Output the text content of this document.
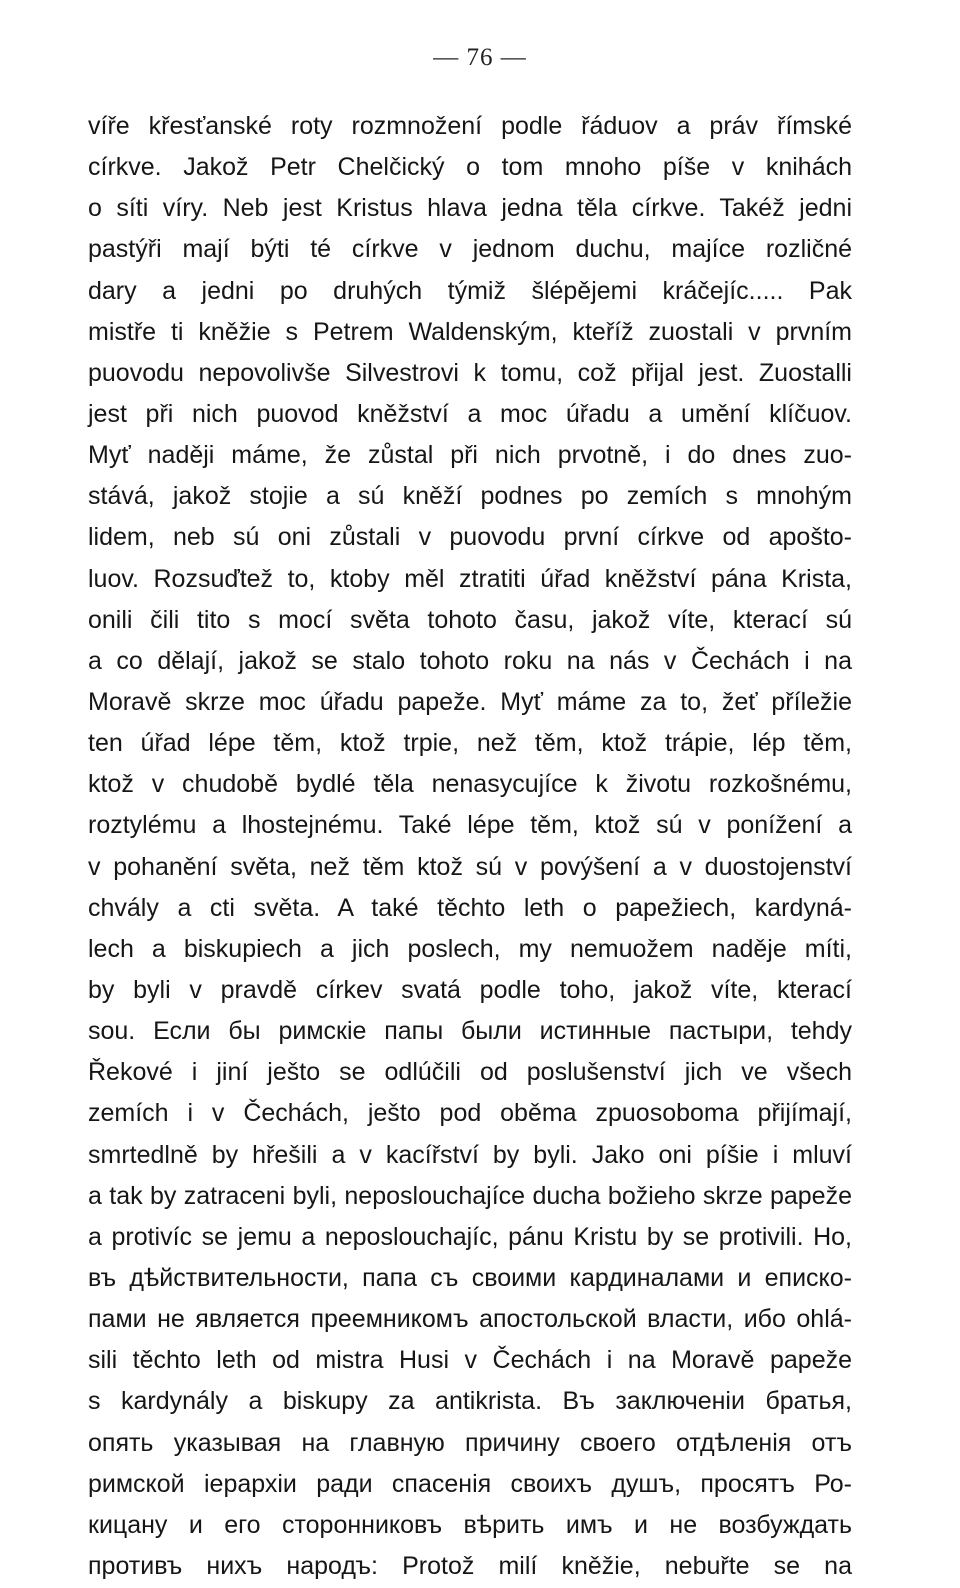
— 76 —
víře křesťanské roty rozmnožení podle řáduov a práv římské
církve. Jakož Petr Chelčický o tom mnoho píše v knihách
o síti víry. Neb jest Kristus hlava jedna těla církve. Takéž jedni
pastýři mají býti té církve v jednom duchu, majíce rozličné
dary a jedni po druhých týmiž šlépějemi kráčejíc..... Pak
mistře ti kněžie s Petrem Waldenským, kteříž zuostali v prvním
puovodu nepovolivše Silvestrovi k tomu, což přijal jest. Zuostalli
jest při nich puovod kněžství a moc úřadu a umění klíčuov.
Myť naději máme, že zůstal při nich prvotně, i do dnes zuo-
stává, jakož stojie a sú kněží podnes po zemích s mnohým
lidem, neb sú oni zůstali v puovodu první církve od apošto-
luov. Rozsuďtež to, ktoby měl ztratiti úřad kněžství pána Krista,
onili čili tito s mocí světa tohoto času, jakož víte, kterací sú
a co dělají, jakož se stalo tohoto roku na nás v Čechách i na
Moravě skrze moc úřadu papeže. Myť máme za to, žeť příležie
ten úřad lépe těm, ktož trpie, než těm, ktož trápie, lép těm,
ktož v chudobě bydlé těla nenasycujíce k životu rozkošnému,
roztylému a lhostejnému. Také lépe těm, ktož sú v ponížení a
v pohanění světa, než těm ktož sú v povýšení a v duostojenství
chvály a cti světa. A také těchto leth o papežiech, kardyná-
lech a biskupiech a jich poslech, my nemuožem naděje míti,
by byli v pravdě církev svatá podle toho, jakož víte, kterací
sou. Если бы римскіе папы были истинные пастыри, tehdy
Řekové i jiní ješto se odlúčili od poslušenství jich ve všech
zemích i v Čechách, ješto pod oběma zpuosoboma přijímají,
smrtedlně by hřešili a v kacířství by byli. Jako oni píšie i mluví
a tak by zatraceni byli, neposlouchajíce ducha božieho skrze papeže
a protivíc se jemu a neposlouchajíc, pánu Kristu by se protivili. Но,
въ дѣйствительности, папа съ своими кардиналами и еписко-
пами не является преемникомъ апостольской власти, ибо ohlá-
sili těchto leth od mistra Husi v Čechách i na Moravě papeže
s kardynály a biskupy za antikrista. Въ заключенiи братья,
опять указывая на главную причину своего отдѣленія отъ
римской іерархіи ради спасенія своихъ душъ, просятъ Ро-
кицану и его сторонниковъ вѣрить имъ и не возбуждать
противъ нихъ народъ: Protož milí kněžie, nebuřte se na
